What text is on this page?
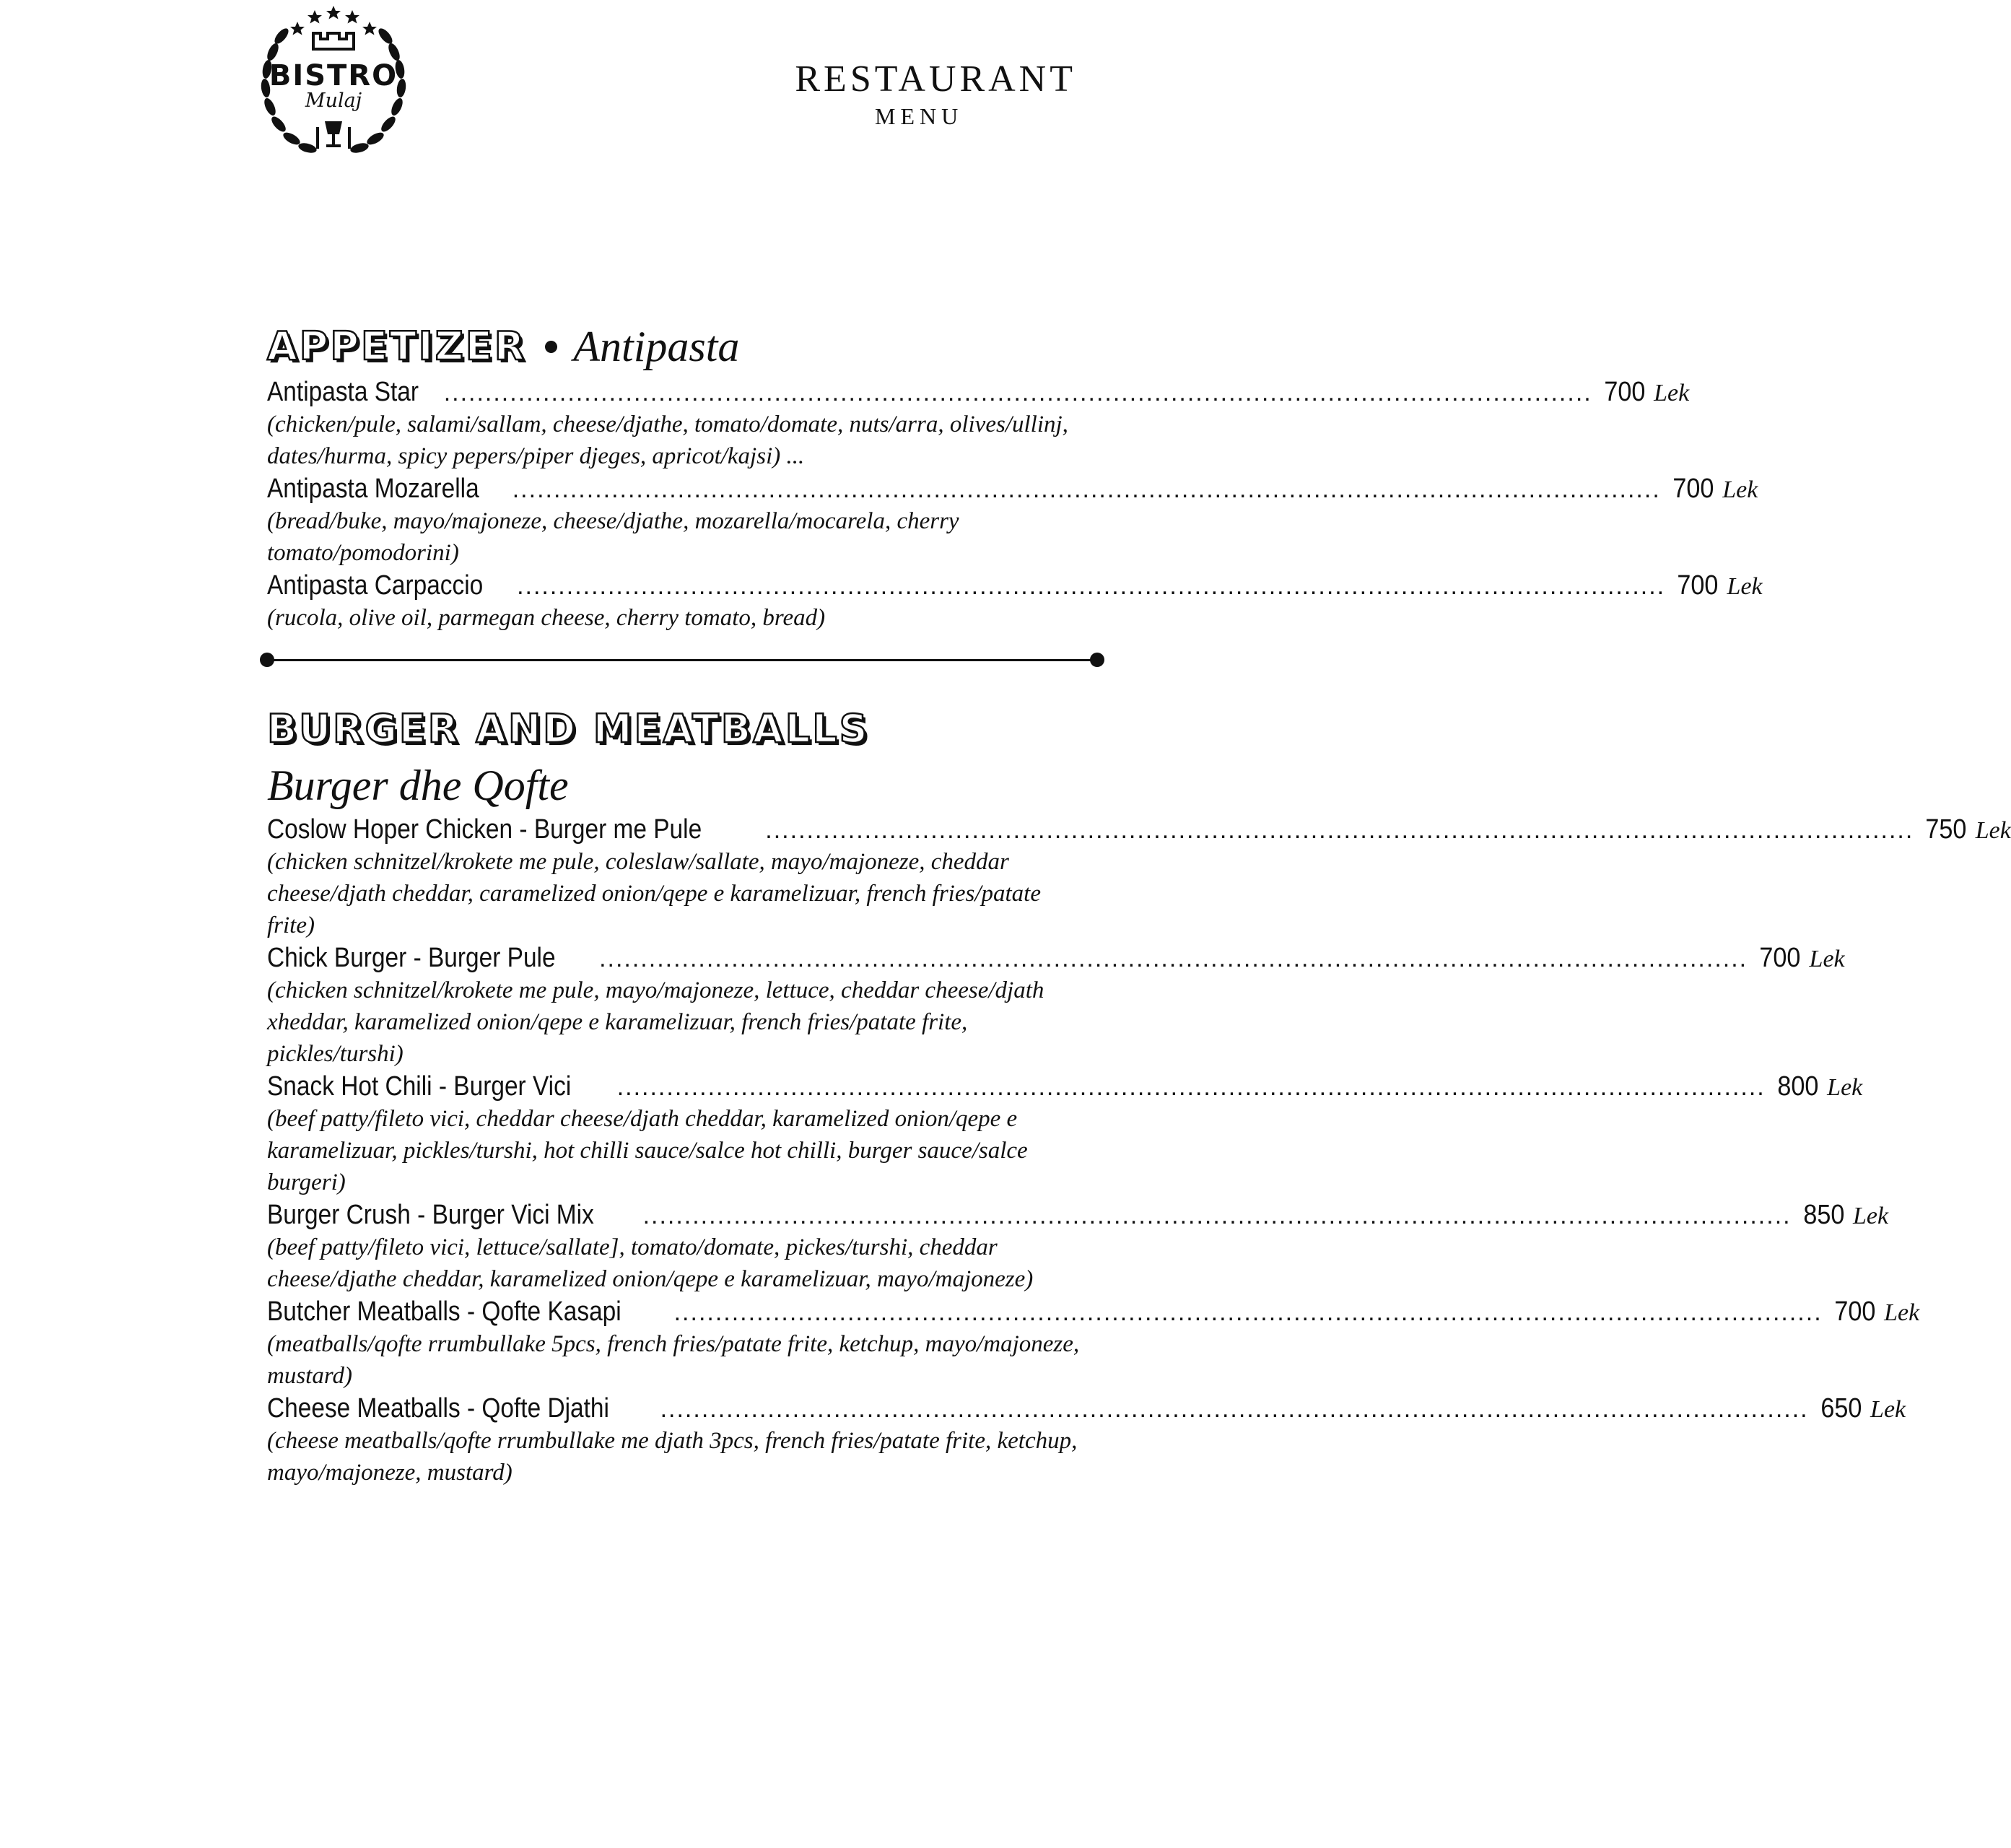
BISTRO
Mulaj
RESTAURANT
MENU
APPETIZER Antipasta
Antipasta Star ........................................................................................................................................... 700 Lek

(chicken/pule, salami/sallam, cheese/djathe, tomato/domate, nuts/arra, olives/ullinj, dates/hurma, spicy pepers/piper djeges, apricot/kajsi) ...

Antipasta Mozarella ........................................................................................................................................... 700 Lek

(bread/buke, mayo/majoneze, cheese/djathe, mozarella/mocarela, cherry tomato/pomodorini)

Antipasta Carpaccio ........................................................................................................................................... 700 Lek

(rucola, olive oil, parmegan cheese, cherry tomato, bread)

BURGER AND MEATBALLS
Burger dhe Qofte
Coslow Hoper Chicken - Burger me Pule	........................................................................................................................................... 750 Lek

(chicken schnitzel/krokete me pule, coleslaw/sallate, mayo/majoneze, cheddar cheese/djath cheddar, caramelized onion/qepe e karamelizuar, french fries/patate frite)

Chick Burger - Burger Pule ........................................................................................................................................... 700 Lek

(chicken schnitzel/krokete me pule, mayo/majoneze, lettuce, cheddar cheese/djath xheddar, karamelized onion/qepe e karamelizuar, french fries/patate frite, pickles/turshi)

Snack Hot Chili - Burger Vici ........................................................................................................................................... 800 Lek

(beef patty/fileto vici, cheddar cheese/djath cheddar, karamelized onion/qepe e karamelizuar, pickles/turshi, hot chilli sauce/salce hot chilli, burger sauce/salce burgeri)

Burger Crush - Burger Vici Mix ........................................................................................................................................... 850 Lek

(beef patty/fileto vici, lettuce/sallate], tomato/domate, pickes/turshi, cheddar cheese/djathe cheddar, karamelized onion/qepe e karamelizuar, mayo/majoneze)

Butcher Meatballs - Qofte Kasapi ........................................................................................................................................... 700 Lek

(meatballs/qofte rrumbullake 5pcs, french fries/patate frite, ketchup, mayo/majoneze, mustard)

Cheese Meatballs - Qofte Djathi ........................................................................................................................................... 650 Lek

(cheese meatballs/qofte rrumbullake me djath 3pcs, french fries/patate frite, ketchup, mayo/majoneze, mustard)
